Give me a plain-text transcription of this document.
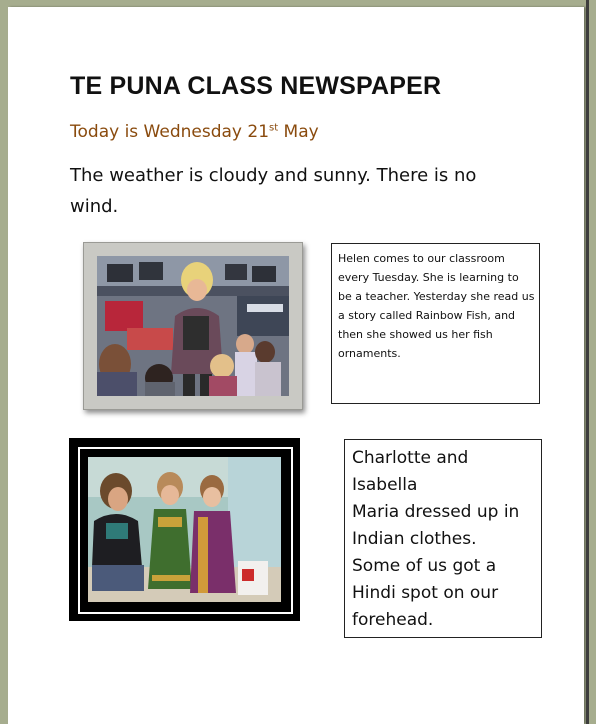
TE PUNA CLASS NEWSPAPER
Today is Wednesday 21st May
The weather is cloudy and sunny. There is no wind.
Helen comes to our classroom
every Tuesday. She is learning to
be a teacher. Yesterday she read us
a story called Rainbow Fish, and
then she showed us her fish
ornaments.
Charlotte and
Isabella
Maria dressed up in
Indian clothes.
Some of us got a
Hindi spot on our
forehead.
